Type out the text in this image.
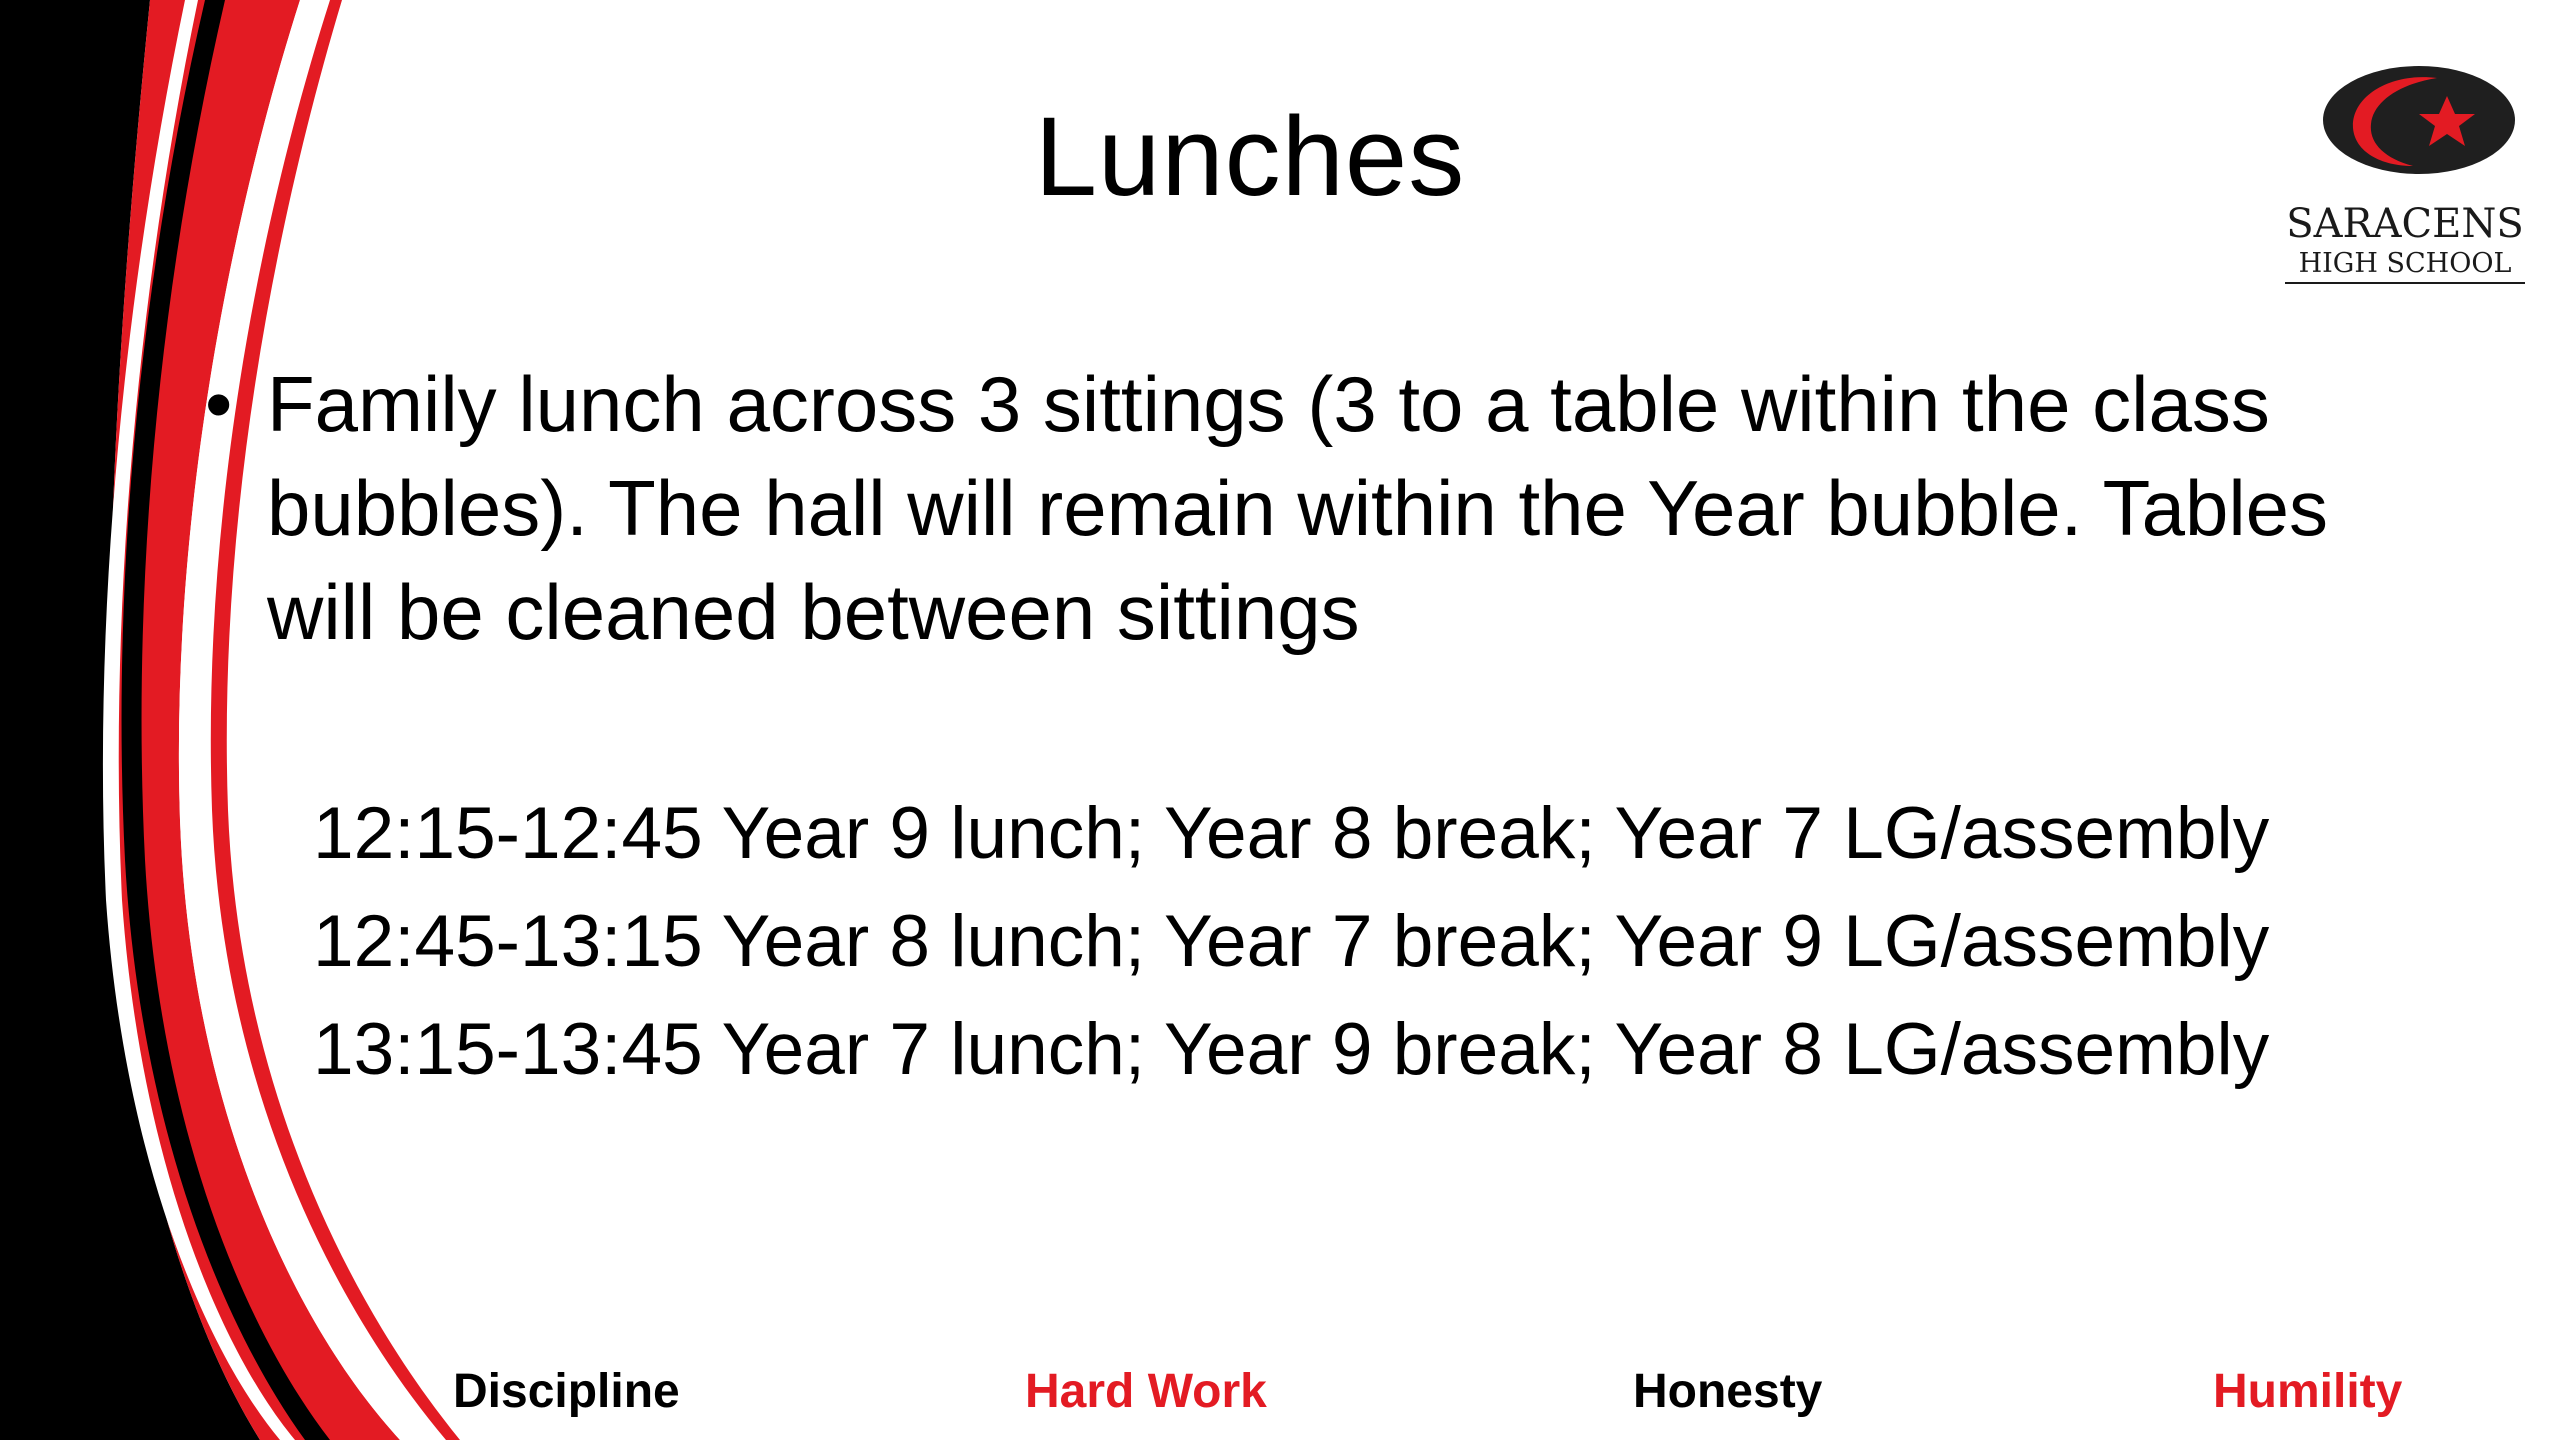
Lunches
SARACENS
HIGH SCHOOL
• Family lunch across 3 sittings (3 to a table within the class bubbles). The hall will remain within the Year bubble. Tables will be cleaned between sittings
12:15-12:45 Year 9 lunch; Year 8 break; Year 7 LG/assembly
12:45-13:15 Year 8 lunch; Year 7 break; Year 9 LG/assembly
13:15-13:45 Year 7 lunch; Year 9 break; Year 8 LG/assembly
Discipline	Hard Work	Honesty	Humility
